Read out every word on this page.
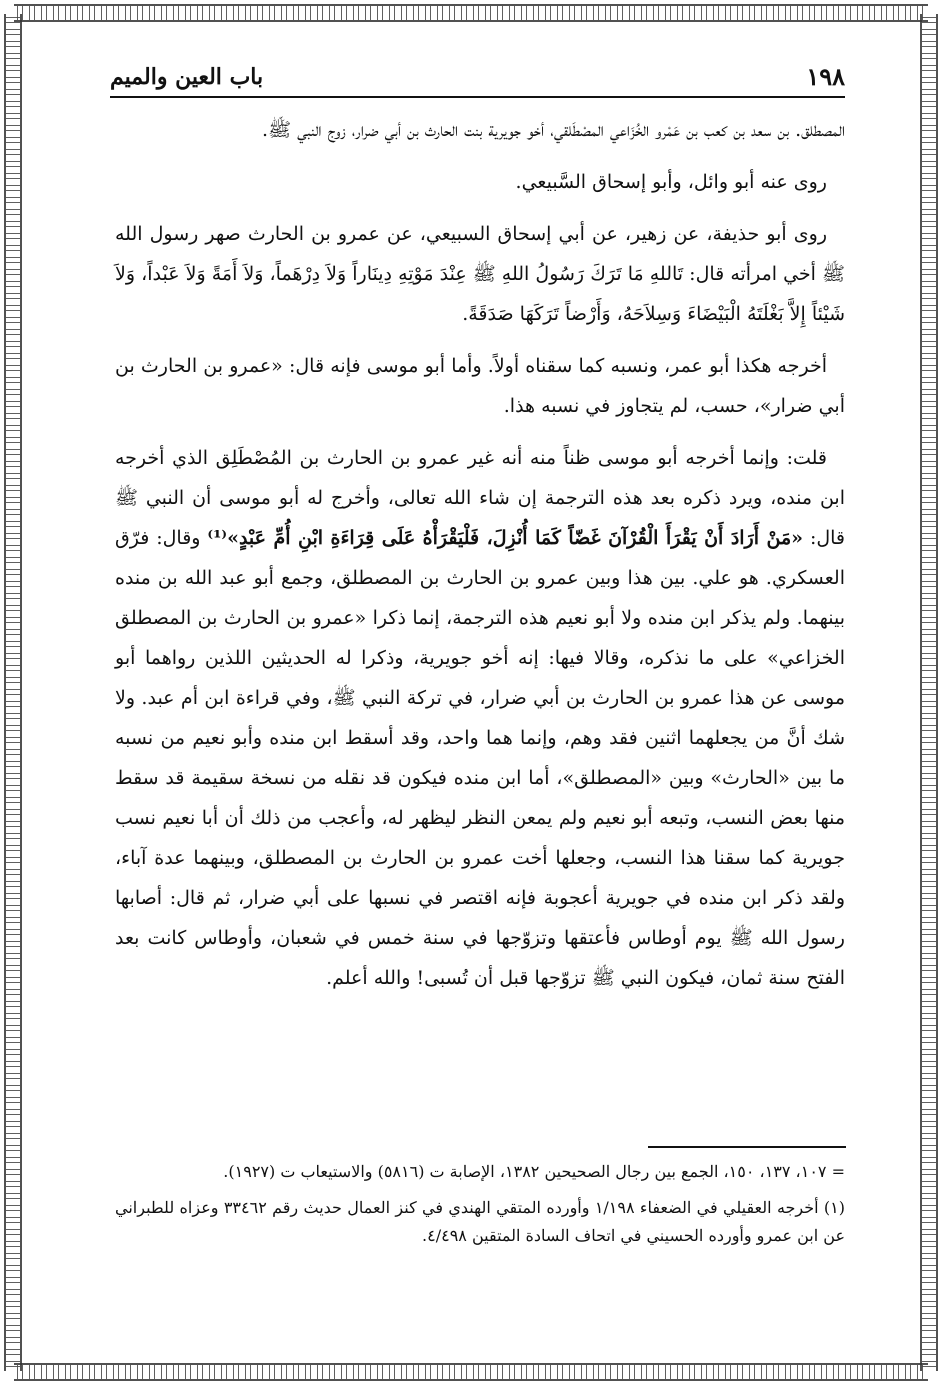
١٩٨
باب العين والميم

المصطلق. بن سعد بن كعب بن عَمْرو الخُزَاعي المصْطَلقي، أخو جويرية بنت الحارث بن أبي ضرار، زوج النبي ﷺ.

روى عنه أبو وائل، وأبو إسحاق السَّبيعي.

روى أبو حذيفة، عن زهير، عن أبي إسحاق السبيعي، عن عمرو بن الحارث صهر رسول الله ﷺ أخي امرأته قال: تَاللهِ مَا تَرَكَ رَسُولُ اللهِ ﷺ عِنْدَ مَوْتِهِ دِينَاراً وَلاَ دِرْهَماً، وَلاَ أَمَةً وَلاَ عَبْداً، وَلاَ شَيْئاً إِلاَّ بَغْلَتَهُ الْبَيْضَاءَ وَسِلاَحَهُ، وَأَرْضاً تَرَكَهَا صَدَقَةً.

أخرجه هكذا أبو عمر، ونسبه كما سقناه أولاً. وأما أبو موسى فإنه قال: «عمرو بن الحارث بن أبي ضرار»، حسب، لم يتجاوز في نسبه هذا.

قلت: وإنما أخرجه أبو موسى ظناً منه أنه غير عمرو بن الحارث بن المُصْطَلِق الذي أخرجه ابن منده، ويرد ذكره بعد هذه الترجمة إن شاء الله تعالى، وأخرج له أبو موسى أن النبي ﷺ قال: «مَنْ أَرَادَ أَنْ يَقْرَأَ الْقُرْآنَ غَضّاً كَمَا أُنْزِلَ، فَلْيَقْرَأْهُ عَلَى قِرَاءَةِ ابْنِ أُمِّ عَبْدٍ»⁽¹⁾ وقال: فرّق العسكري. هو علي. بين هذا وبين عمرو بن الحارث بن المصطلق، وجمع أبو عبد الله بن منده بينهما. ولم يذكر ابن منده ولا أبو نعيم هذه الترجمة، إنما ذكرا «عمرو بن الحارث بن المصطلق الخزاعي» على ما نذكره، وقالا فيها: إنه أخو جويرية، وذكرا له الحديثين اللذين رواهما أبو موسى عن هذا عمرو بن الحارث بن أبي ضرار، في تركة النبي ﷺ، وفي قراءة ابن أم عبد. ولا شك أنَّ من يجعلهما اثنين فقد وهم، وإنما هما واحد، وقد أسقط ابن منده وأبو نعيم من نسبه ما بين «الحارث» وبين «المصطلق»، أما ابن منده فيكون قد نقله من نسخة سقيمة قد سقط منها بعض النسب، وتبعه أبو نعيم ولم يمعن النظر ليظهر له، وأعجب من ذلك أن أبا نعيم نسب جويرية كما سقنا هذا النسب، وجعلها أخت عمرو بن الحارث بن المصطلق، وبينهما عدة آباء، ولقد ذكر ابن منده في جويرية أعجوبة فإنه اقتصر في نسبها على أبي ضرار، ثم قال: أصابها رسول الله ﷺ يوم أوطاس فأعتقها وتزوّجها في سنة خمس في شعبان، وأوطاس كانت بعد الفتح سنة ثمان، فيكون النبي ﷺ تزوّجها قبل أن تُسبى! والله أعلم.

= ١٠٧، ١٣٧، ١٥٠، الجمع بين رجال الصحيحين ١٣٨٢، الإصابة ت (٥٨١٦) والاستيعاب ت (١٩٢٧).

(١) أخرجه العقيلي في الضعفاء ١/١٩٨ وأورده المتقي الهندي في كنز العمال حديث رقم ٣٣٤٦٢ وعزاه للطبراني عن ابن عمرو وأورده الحسيني في اتحاف السادة المتقين ٤/٤٩٨.
